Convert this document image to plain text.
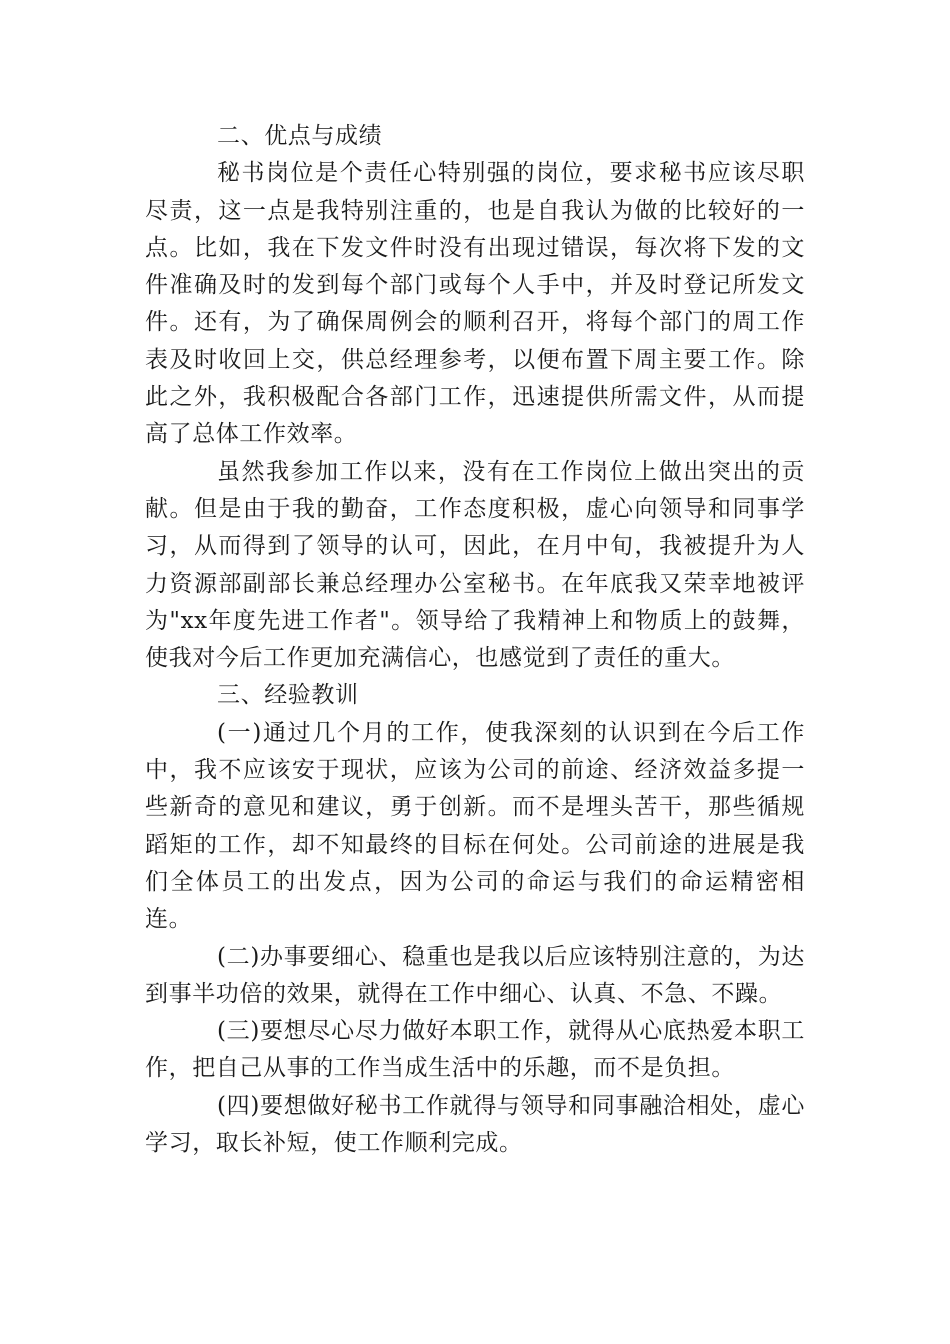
二、优点与成绩

秘书岗位是个责任心特别强的岗位，要求秘书应该尽职尽责，这一点是我特别注重的，也是自我认为做的比较好的一点。比如，我在下发文件时没有出现过错误，每次将下发的文件准确及时的发到每个部门或每个人手中，并及时登记所发文件。还有，为了确保周例会的顺利召开，将每个部门的周工作表及时收回上交，供总经理参考，以便布置下周主要工作。除此之外，我积极配合各部门工作，迅速提供所需文件，从而提高了总体工作效率。

虽然我参加工作以来，没有在工作岗位上做出突出的贡献。但是由于我的勤奋，工作态度积极，虚心向领导和同事学习，从而得到了领导的认可，因此，在月中旬，我被提升为人力资源部副部长兼总经理办公室秘书。在年底我又荣幸地被评为"xx年度先进工作者"。领导给了我精神上和物质上的鼓舞，使我对今后工作更加充满信心，也感觉到了责任的重大。

三、经验教训

(一)通过几个月的工作，使我深刻的认识到在今后工作中，我不应该安于现状，应该为公司的前途、经济效益多提一些新奇的意见和建议，勇于创新。而不是埋头苦干，那些循规蹈矩的工作，却不知最终的目标在何处。公司前途的进展是我们全体员工的出发点，因为公司的命运与我们的命运精密相连。

(二)办事要细心、稳重也是我以后应该特别注意的，为达到事半功倍的效果，就得在工作中细心、认真、不急、不躁。

(三)要想尽心尽力做好本职工作，就得从心底热爱本职工作，把自己从事的工作当成生活中的乐趣，而不是负担。

(四)要想做好秘书工作就得与领导和同事融洽相处，虚心学习，取长补短，使工作顺利完成。
